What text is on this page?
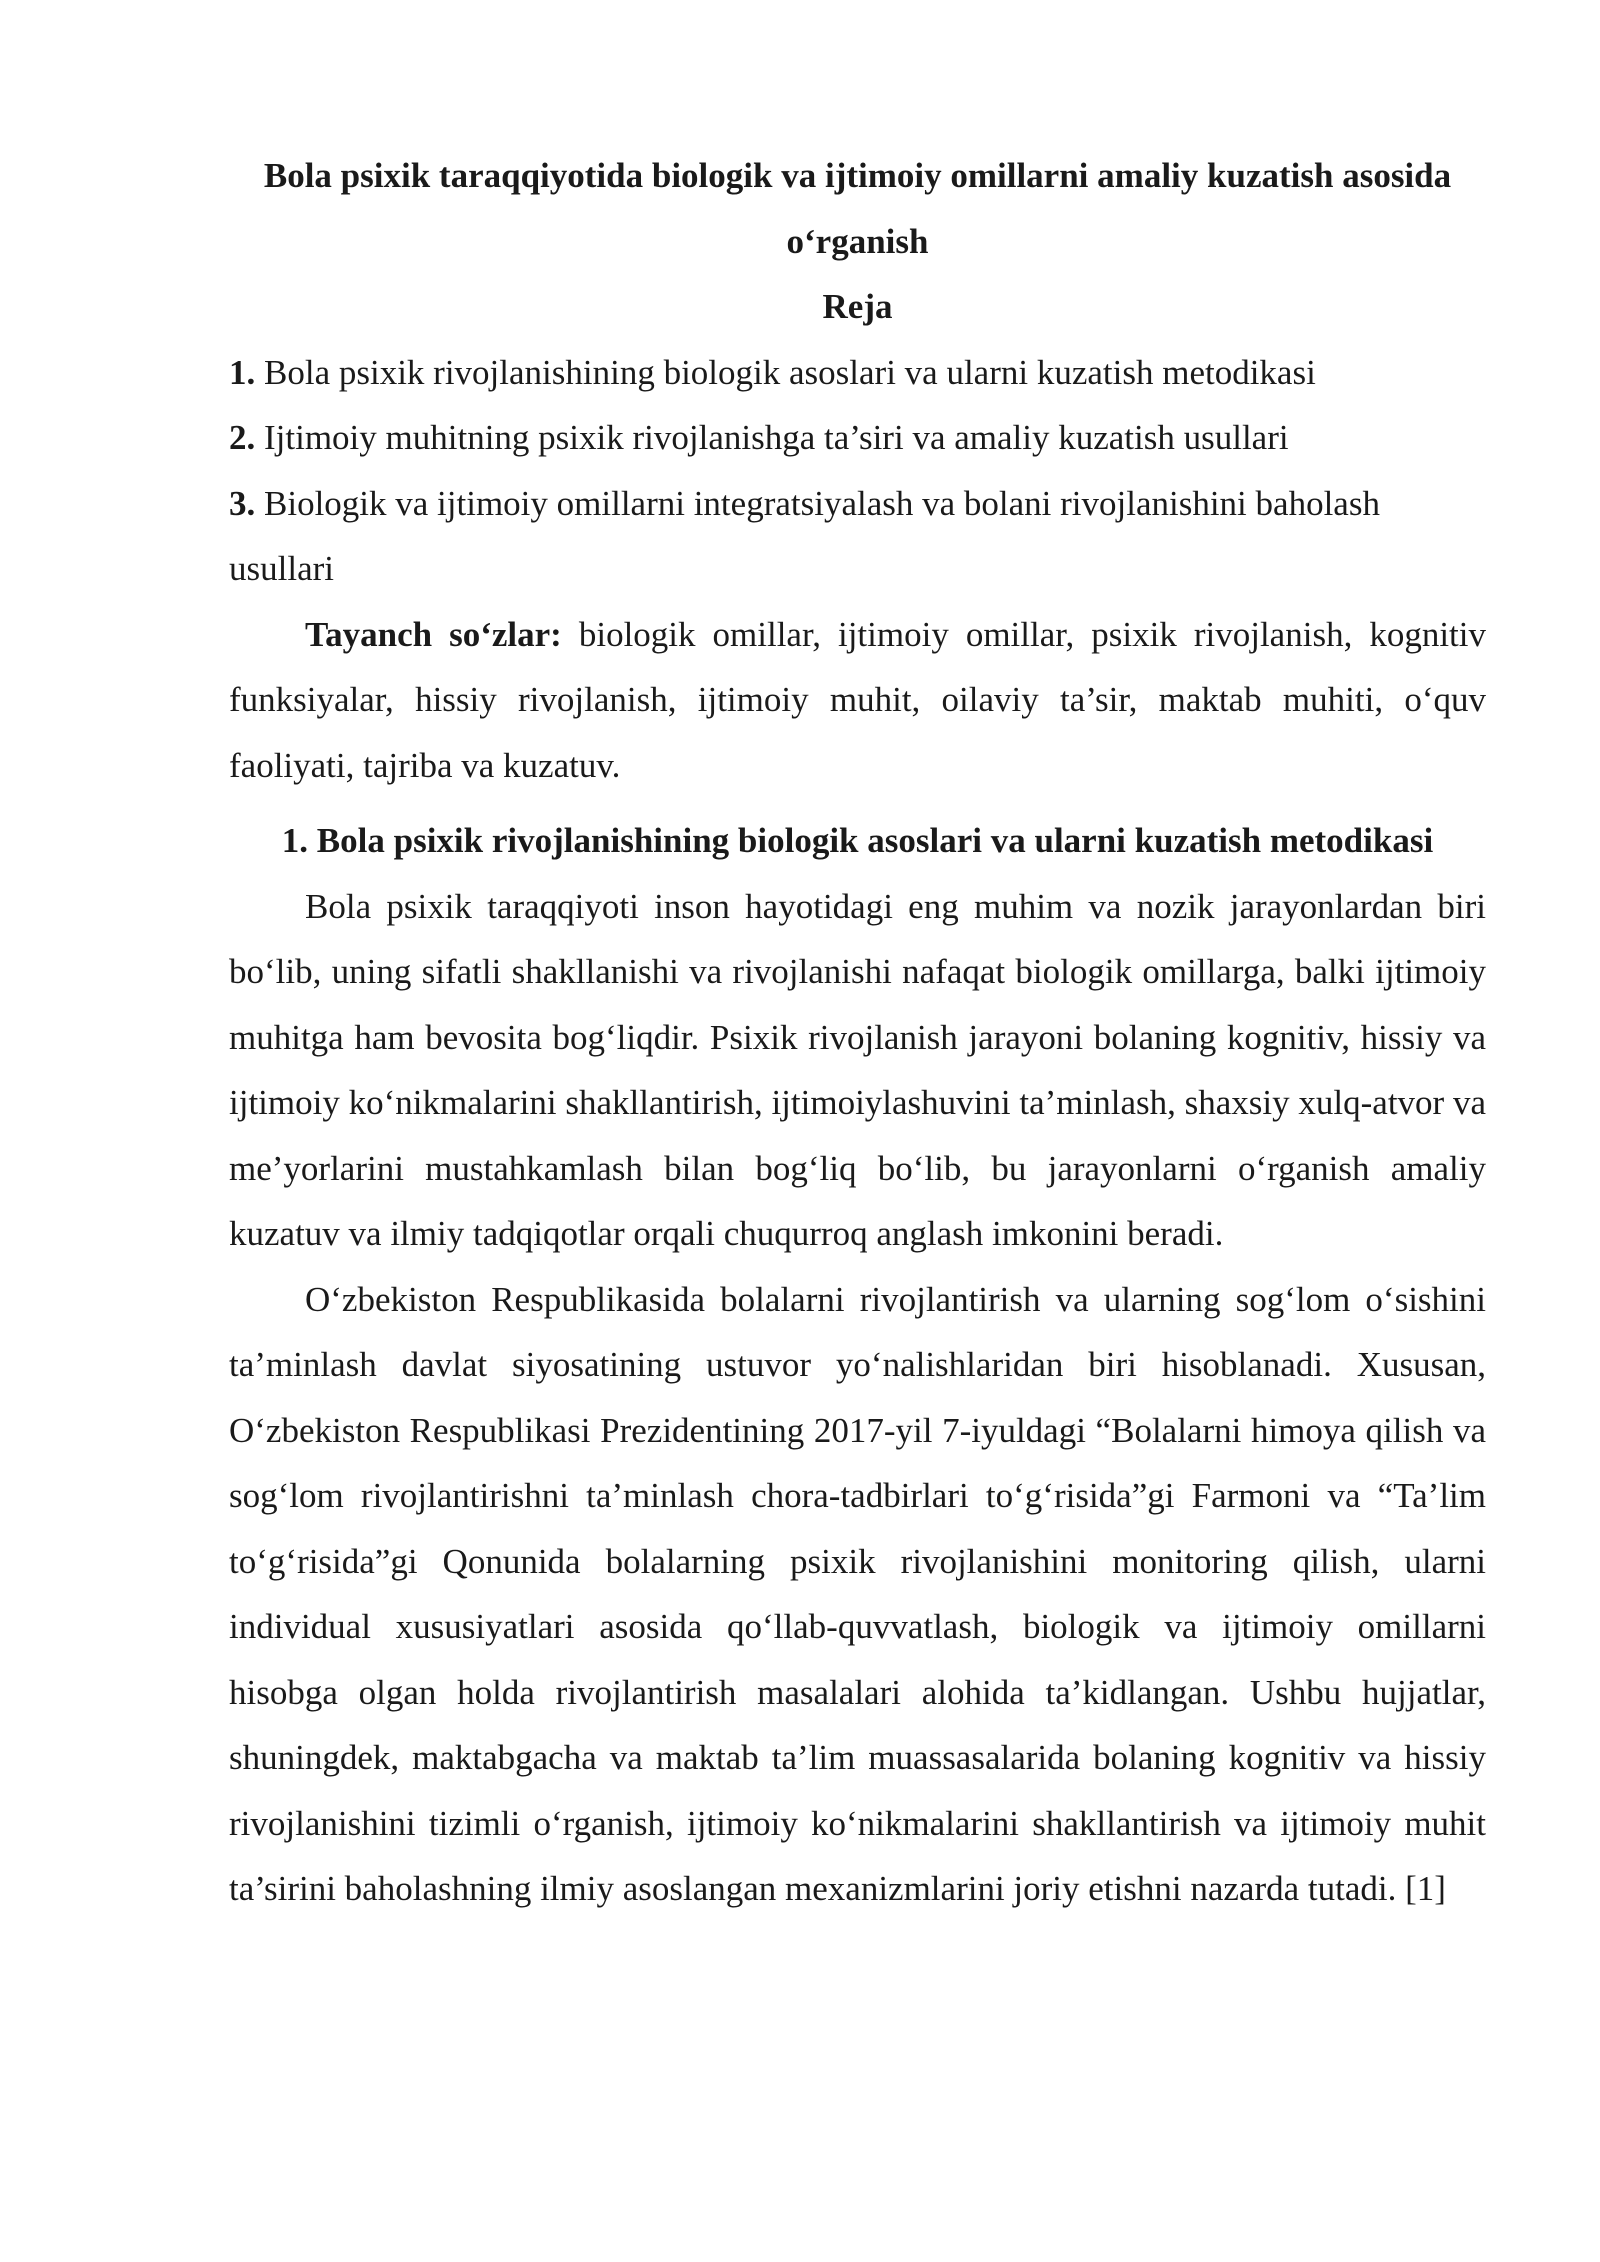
Bola psixik taraqqiyotida biologik va ijtimoiy omillarni amaliy kuzatish asosida o‘rganish
Reja
1. Bola psixik rivojlanishining biologik asoslari va ularni kuzatish metodikasi
2. Ijtimoiy muhitning psixik rivojlanishga ta’siri va amaliy kuzatish usullari
3. Biologik va ijtimoiy omillarni integratsiyalash va bolani rivojlanishini baholash usullari

Tayanch so‘zlar: biologik omillar, ijtimoiy omillar, psixik rivojlanish, kognitiv funksiyalar, hissiy rivojlanish, ijtimoiy muhit, oilaviy ta’sir, maktab muhiti, o‘quv faoliyati, tajriba va kuzatuv.

1. Bola psixik rivojlanishining biologik asoslari va ularni kuzatish metodikasi

Bola psixik taraqqiyoti inson hayotidagi eng muhim va nozik jarayonlardan biri bo‘lib, uning sifatli shakllanishi va rivojlanishi nafaqat biologik omillarga, balki ijtimoiy muhitga ham bevosita bog‘liqdir. Psixik rivojlanish jarayoni bolaning kognitiv, hissiy va ijtimoiy ko‘nikmalarini shakllantirish, ijtimoiylashuvini ta’minlash, shaxsiy xulq-atvor va me’yorlarini mustahkamlash bilan bog‘liq bo‘lib, bu jarayonlarni o‘rganish amaliy kuzatuv va ilmiy tadqiqotlar orqali chuqurroq anglash imkonini beradi.

O‘zbekiston Respublikasida bolalarni rivojlantirish va ularning sog‘lom o‘sishini ta’minlash davlat siyosatining ustuvor yo‘nalishlaridan biri hisoblanadi. Xususan, O‘zbekiston Respublikasi Prezidentining 2017-yil 7-iyuldagi “Bolalarni himoya qilish va sog‘lom rivojlantirishni ta’minlash chora-tadbirlari to‘g‘risida”gi Farmoni va “Ta’lim to‘g‘risida”gi Qonunida bolalarning psixik rivojlanishini monitoring qilish, ularni individual xususiyatlari asosida qo‘llab-quvvatlash, biologik va ijtimoiy omillarni hisobga olgan holda rivojlantirish masalalari alohida ta’kidlangan. Ushbu hujjatlar, shuningdek, maktabgacha va maktab ta’lim muassasalarida bolaning kognitiv va hissiy rivojlanishini tizimli o‘rganish, ijtimoiy ko‘nikmalarini shakllantirish va ijtimoiy muhit ta’sirini baholashning ilmiy asoslangan mexanizmlarini joriy etishni nazarda tutadi. [1]
